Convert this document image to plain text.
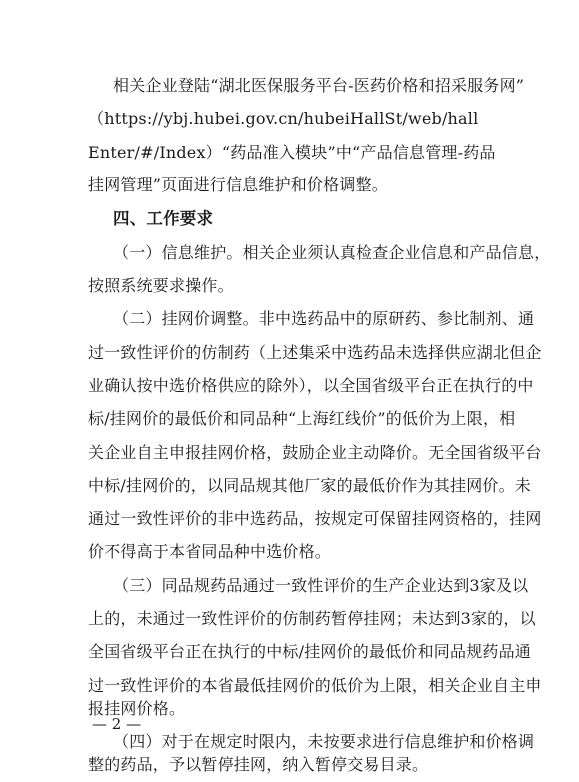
相关企业登陆“湖北医保服务平台-医药价格和招采服务网”
（https://ybj.hubei.gov.cn/hubeiHallSt/web/hall
Enter/#/Index）“药品准入模块”中“产品信息管理-药品
挂网管理”页面进行信息维护和价格调整。
四、工作要求
（一）信息维护。相关企业须认真检查企业信息和产品信息，
按照系统要求操作。
（二）挂网价调整。非中选药品中的原研药、参比制剂、通
过一致性评价的仿制药（上述集采中选药品未选择供应湖北但企
业确认按中选价格供应的除外），以全国省级平台正在执行的中
标/挂网价的最低价和同品种“上海红线价”的低价为上限，相
关企业自主申报挂网价格，鼓励企业主动降价。无全国省级平台
中标/挂网价的，以同品规其他厂家的最低价作为其挂网价。未
通过一致性评价的非中选药品，按规定可保留挂网资格的，挂网
价不得高于本省同品种中选价格。
（三）同品规药品通过一致性评价的生产企业达到3家及以
上的，未通过一致性评价的仿制药暂停挂网；未达到3家的，以
全国省级平台正在执行的中标/挂网价的最低价和同品规药品通
过一致性评价的本省最低挂网价的低价为上限，相关企业自主申
报挂网价格。
（四）对于在规定时限内，未按要求进行信息维护和价格调
整的药品，予以暂停挂网，纳入暂停交易目录。
— 2 —
